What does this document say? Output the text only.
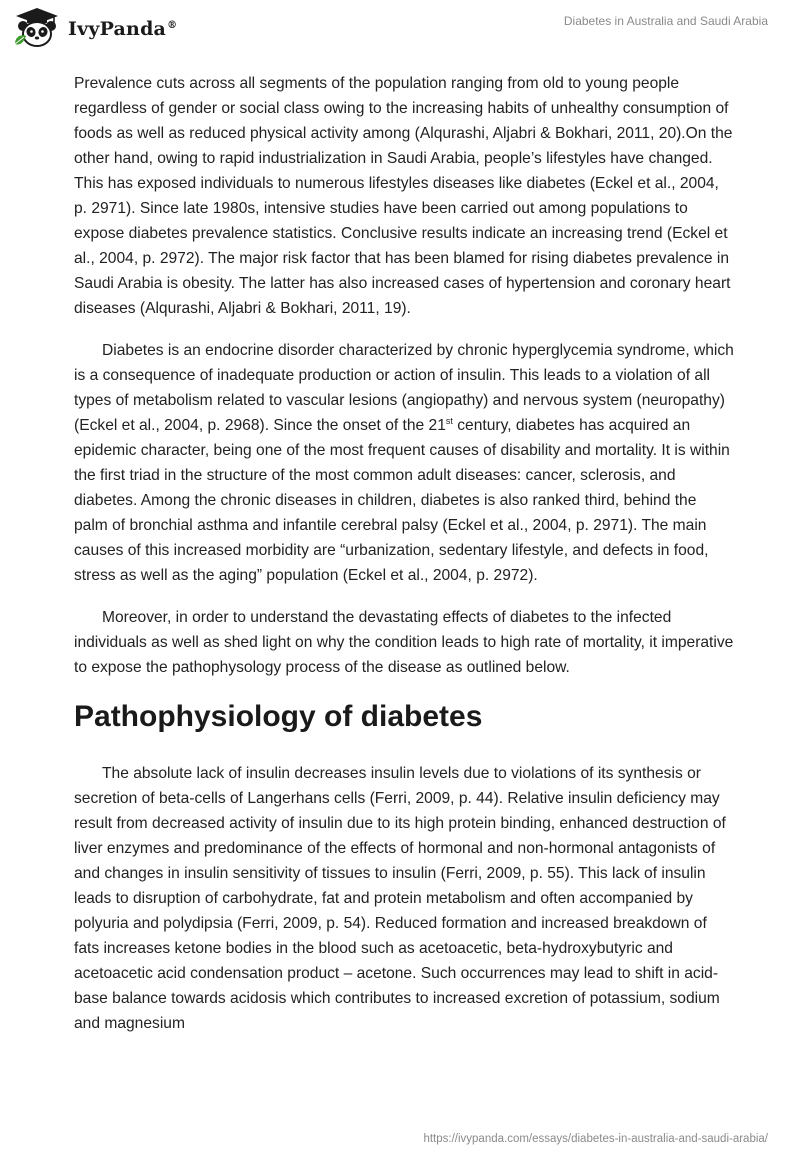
IvyPanda®	Diabetes in Australia and Saudi Arabia

Prevalence cuts across all segments of the population ranging from old to young people regardless of gender or social class owing to the increasing habits of unhealthy consumption of foods as well as reduced physical activity among (Alqurashi, Aljabri & Bokhari, 2011, 20).On the other hand, owing to rapid industrialization in Saudi Arabia, people’s lifestyles have changed. This has exposed individuals to numerous lifestyles diseases like diabetes (Eckel et al., 2004, p. 2971). Since late 1980s, intensive studies have been carried out among populations to expose diabetes prevalence statistics. Conclusive results indicate an increasing trend (Eckel et al., 2004, p. 2972). The major risk factor that has been blamed for rising diabetes prevalence in Saudi Arabia is obesity. The latter has also increased cases of hypertension and coronary heart diseases (Alqurashi, Aljabri & Bokhari, 2011, 19).

Diabetes is an endocrine disorder characterized by chronic hyperglycemia syndrome, which is a consequence of inadequate production or action of insulin. This leads to a violation of all types of metabolism related to vascular lesions (angiopathy) and nervous system (neuropathy) (Eckel et al., 2004, p. 2968). Since the onset of the 21st century, diabetes has acquired an epidemic character, being one of the most frequent causes of disability and mortality. It is within the first triad in the structure of the most common adult diseases: cancer, sclerosis, and diabetes. Among the chronic diseases in children, diabetes is also ranked third, behind the palm of bronchial asthma and infantile cerebral palsy (Eckel et al., 2004, p. 2971). The main causes of this increased morbidity are “urbanization, sedentary lifestyle, and defects in food, stress as well as the aging” population (Eckel et al., 2004, p. 2972).

Moreover, in order to understand the devastating effects of diabetes to the infected individuals as well as shed light on why the condition leads to high rate of mortality, it imperative to expose the pathophysology process of the disease as outlined below.

Pathophysiology of diabetes

The absolute lack of insulin decreases insulin levels due to violations of its synthesis or secretion of beta-cells of Langerhans cells (Ferri, 2009, p. 44). Relative insulin deficiency may result from decreased activity of insulin due to its high protein binding, enhanced destruction of liver enzymes and predominance of the effects of hormonal and non-hormonal antagonists of and changes in insulin sensitivity of tissues to insulin (Ferri, 2009, p. 55). This lack of insulin leads to disruption of carbohydrate, fat and protein metabolism and often accompanied by polyuria and polydipsia (Ferri, 2009, p. 54). Reduced formation and increased breakdown of fats increases ketone bodies in the blood such as acetoacetic, beta-hydroxybutyric and acetoacetic acid condensation product – acetone. Such occurrences may lead to shift in acid-base balance towards acidosis which contributes to increased excretion of potassium, sodium and magnesium

https://ivypanda.com/essays/diabetes-in-australia-and-saudi-arabia/
